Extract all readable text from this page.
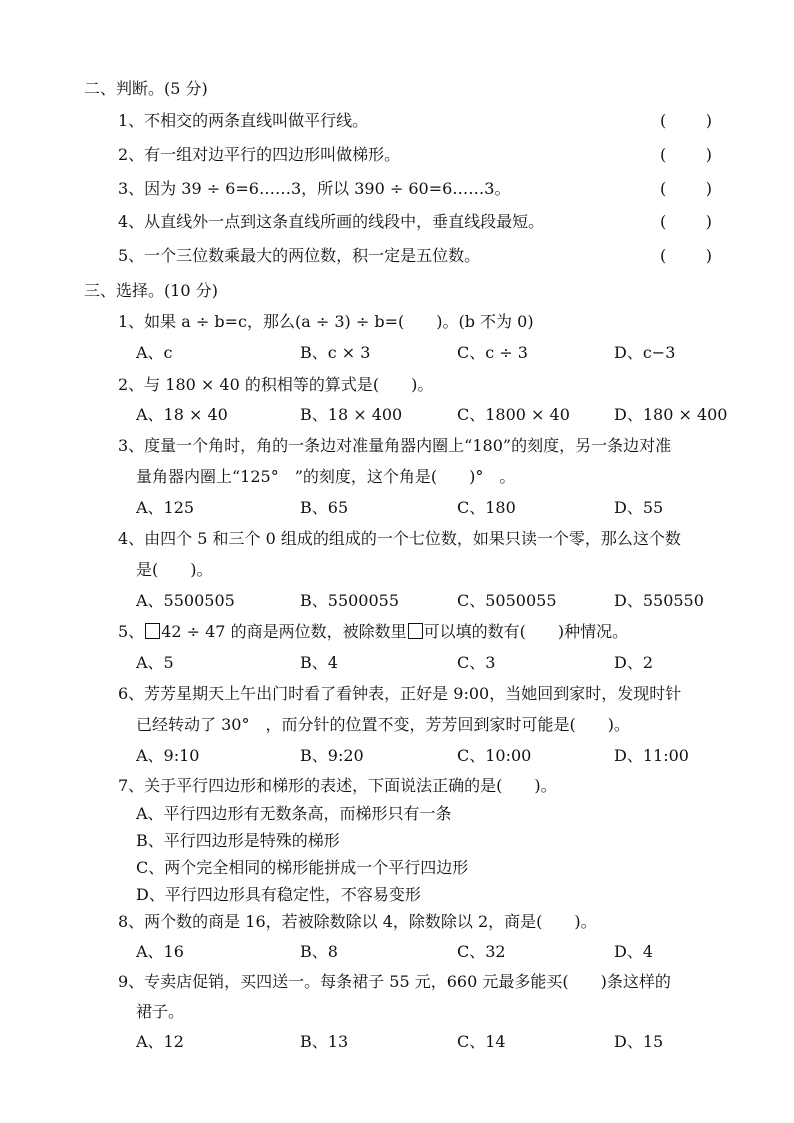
二、判断。(5 分)
1、不相交的两条直线叫做平行线。	( )
2、有一组对边平行的四边形叫做梯形。	( )
3、因为 39 ÷ 6=6……3，所以 390 ÷ 60=6……3。	( )
4、从直线外一点到这条直线所画的线段中，垂直线段最短。	( )
5、一个三位数乘最大的两位数，积一定是五位数。	( )
三、选择。(10 分)
1、如果 a ÷ b=c，那么(a ÷ 3) ÷ b=(　　)。(b 不为 0)
A、c	B、c × 3	C、c ÷ 3	D、c−3
2、与 180 × 40 的积相等的算式是(　　)。
A、18 × 40	B、18 × 400	C、1800 × 40	D、180 × 400
3、度量一个角时，角的一条边对准量角器内圈上“180”的刻度，另一条边对准
量角器内圈上“125°　”的刻度，这个角是(　　)°　。
A、125	B、65	C、180	D、55
4、由四个 5 和三个 0 组成的组成的一个七位数，如果只读一个零，那么这个数
是(　　)。
A、5500505	B、5500055	C、5050055	D、550550
5、 42 ÷ 47 的商是两位数，被除数里 可以填的数有(　　)种情况。
A、5	B、4	C、3	D、2
6、芳芳星期天上午出门时看了看钟表，正好是 9:00，当她回到家时，发现时针
已经转动了 30°　，而分针的位置不变，芳芳回到家时可能是(　　)。
A、9:10	B、9:20	C、10:00	D、11:00
7、关于平行四边形和梯形的表述，下面说法正确的是(　　)。
A、平行四边形有无数条高，而梯形只有一条
B、平行四边形是特殊的梯形
C、两个完全相同的梯形能拼成一个平行四边形
D、平行四边形具有稳定性，不容易变形
8、两个数的商是 16，若被除数除以 4，除数除以 2，商是(　　)。
A、16	B、8	C、32	D、4
9、专卖店促销，买四送一。每条裙子 55 元，660 元最多能买(　　)条这样的
裙子。
A、12	B、13	C、14	D、15
